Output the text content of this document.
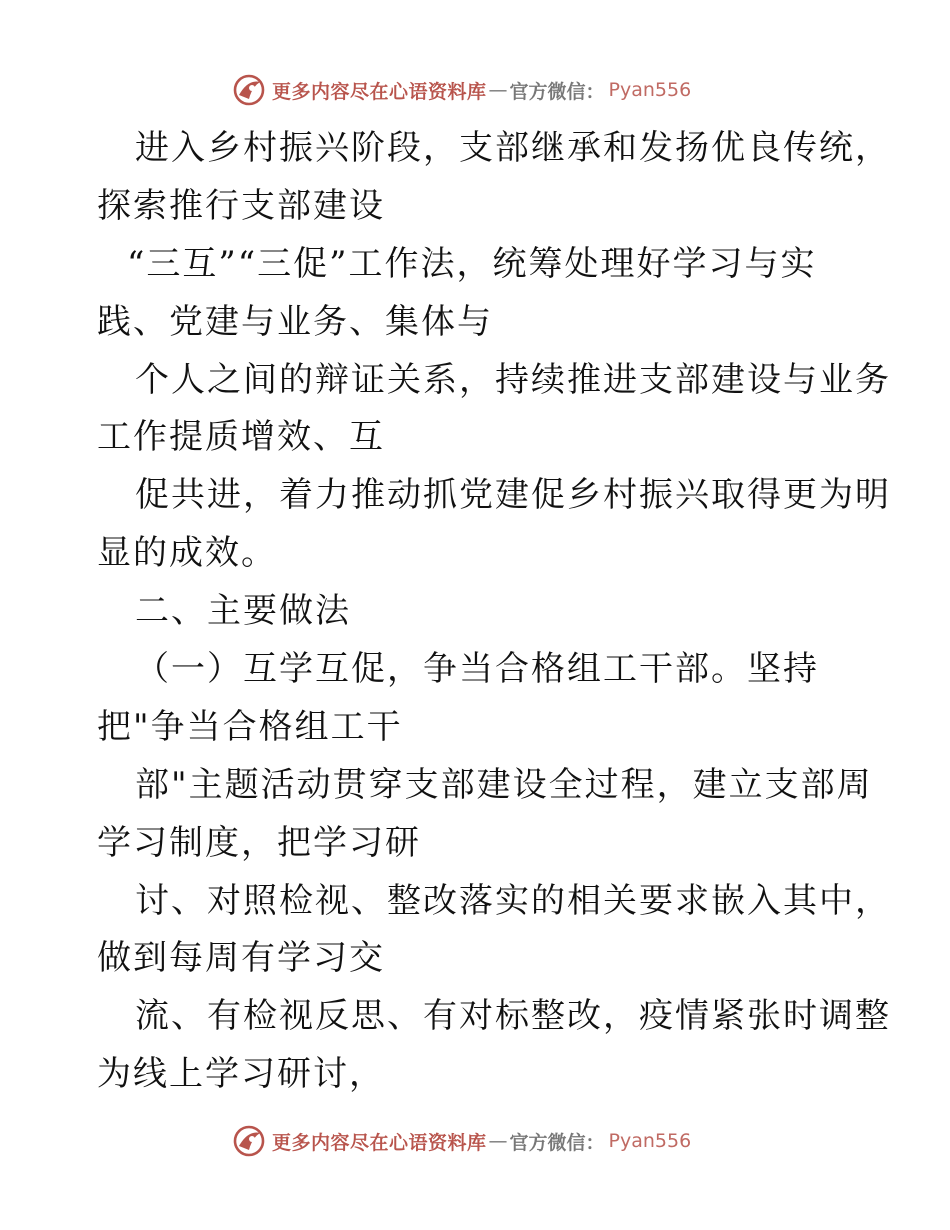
更多内容尽在心语资料库 — 官方微信： Pyan556
进入乡村振兴阶段，支部继承和发扬优良传统，
探索推行支部建设
“三互”“三促”工作法，统筹处理好学习与实
践、党建与业务、集体与
个人之间的辩证关系，持续推进支部建设与业务
工作提质增效、互
促共进，着力推动抓党建促乡村振兴取得更为明
显的成效。
二、主要做法
（一）互学互促，争当合格组工干部。坚持
把"争当合格组工干
部"主题活动贯穿支部建设全过程，建立支部周
学习制度，把学习研
讨、对照检视、整改落实的相关要求嵌入其中，
做到每周有学习交
流、有检视反思、有对标整改，疫情紧张时调整
为线上学习研讨，
更多内容尽在心语资料库 — 官方微信： Pyan556
